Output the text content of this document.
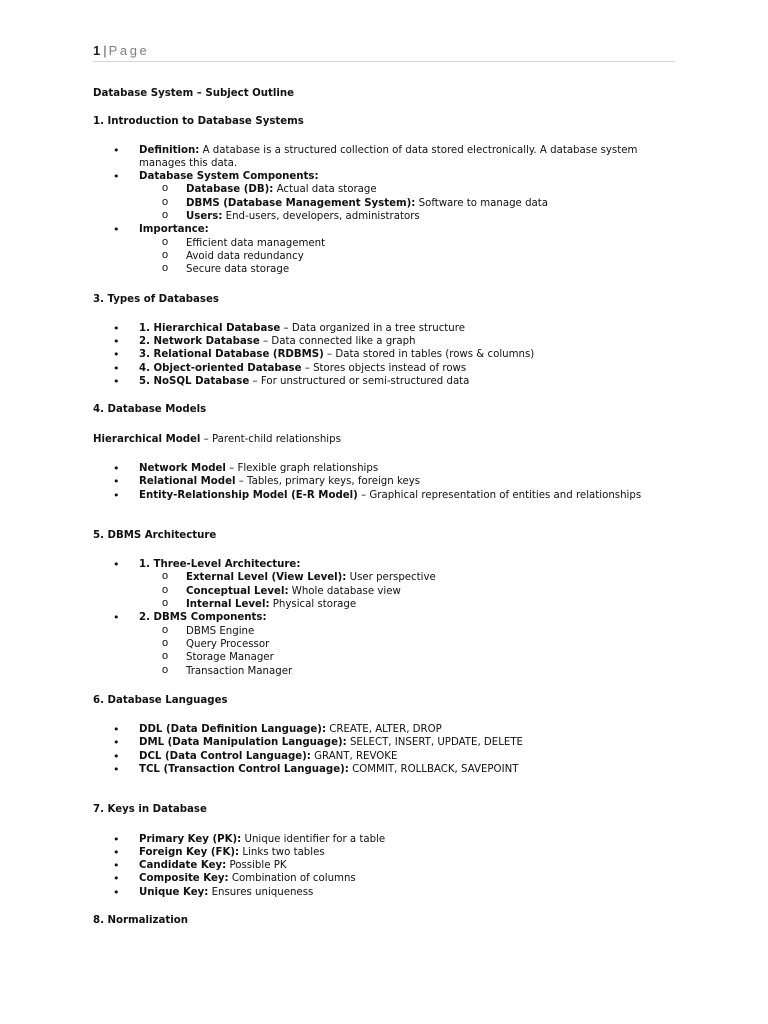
1 | Page

Database System – Subject Outline

1. Introduction to Database Systems

• Definition: A database is a structured collection of data stored electronically. A database system manages this data.
• Database System Components:
o Database (DB): Actual data storage
o DBMS (Database Management System): Software to manage data
o Users: End-users, developers, administrators
• Importance:
o Efficient data management
o Avoid data redundancy
o Secure data storage

3. Types of Databases

• 1. Hierarchical Database – Data organized in a tree structure
• 2. Network Database – Data connected like a graph
• 3. Relational Database (RDBMS) – Data stored in tables (rows & columns)
• 4. Object-oriented Database – Stores objects instead of rows
• 5. NoSQL Database – For unstructured or semi-structured data

4. Database Models

Hierarchical Model – Parent-child relationships

• Network Model – Flexible graph relationships
• Relational Model – Tables, primary keys, foreign keys
• Entity-Relationship Model (E-R Model) – Graphical representation of entities and relationships

5. DBMS Architecture

• 1. Three-Level Architecture:
o External Level (View Level): User perspective
o Conceptual Level: Whole database view
o Internal Level: Physical storage
• 2. DBMS Components:
o DBMS Engine
o Query Processor
o Storage Manager
o Transaction Manager

6. Database Languages

• DDL (Data Definition Language): CREATE, ALTER, DROP
• DML (Data Manipulation Language): SELECT, INSERT, UPDATE, DELETE
• DCL (Data Control Language): GRANT, REVOKE
• TCL (Transaction Control Language): COMMIT, ROLLBACK, SAVEPOINT

7. Keys in Database

• Primary Key (PK): Unique identifier for a table
• Foreign Key (FK): Links two tables
• Candidate Key: Possible PK
• Composite Key: Combination of columns
• Unique Key: Ensures uniqueness

8. Normalization
